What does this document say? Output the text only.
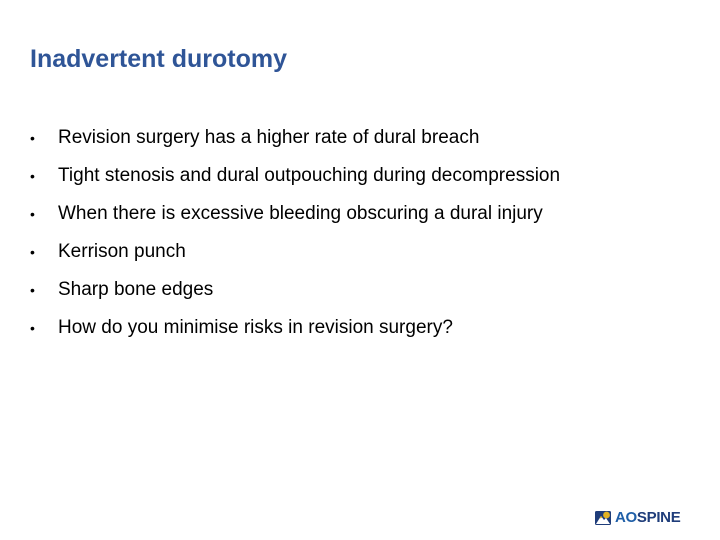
Inadvertent durotomy
•	Revision surgery has a higher rate of dural breach
•	Tight stenosis and dural outpouching during decompression
•	When there is excessive bleeding obscuring a dural injury
•	Kerrison punch
•	Sharp bone edges
•	How do you minimise risks in revision surgery?
AOSPINE
